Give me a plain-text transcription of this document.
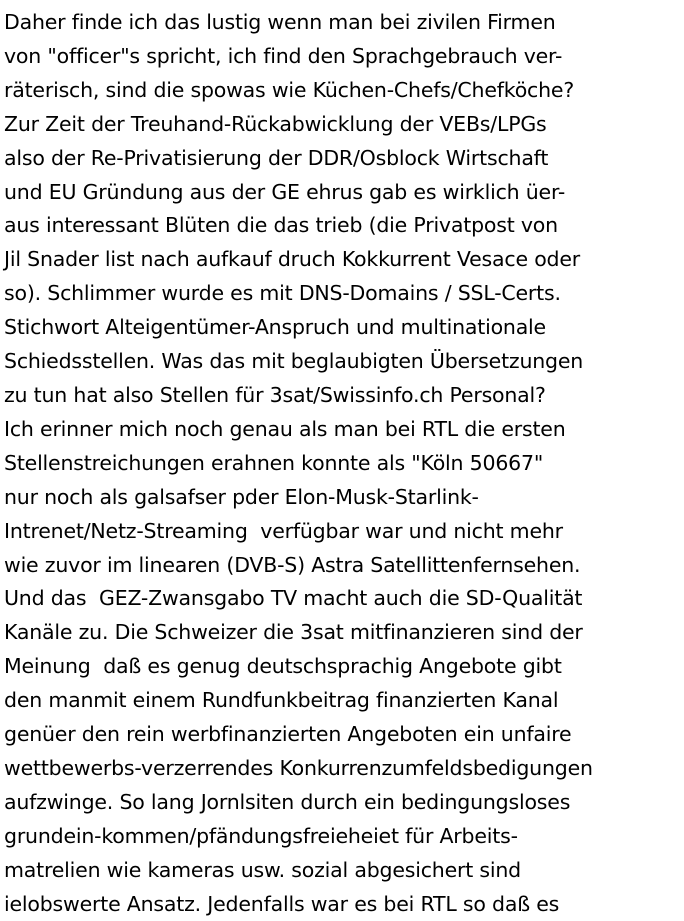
Daher finde ich das lustig wenn man bei zivilen Firmen
von "officer"s spricht, ich find den Sprachgebrauch ver-
räterisch, sind die spowas wie Küchen-Chefs/Chefköche?
Zur Zeit der Treuhand-Rückabwicklung der VEBs/LPGs
also der Re-Privatisierung der DDR/Osblock Wirtschaft
und EU Gründung aus der GE ehrus gab es wirklich üer-
aus interessant Blüten die das trieb (die Privatpost von
Jil Snader list nach aufkauf druch Kokkurrent Vesace oder
so). Schlimmer wurde es mit DNS-Domains / SSL-Certs.
Stichwort Alteigentümer-Anspruch und multinationale
Schiedsstellen. Was das mit beglaubigten Übersetzungen
zu tun hat also Stellen für 3sat/Swissinfo.ch Personal?
Ich erinner mich noch genau als man bei RTL die ersten
Stellenstreichungen erahnen konnte als "Köln 50667"
nur noch als galsafser pder Elon-Musk-Starlink-
Intrenet/Netz-Streaming  verfügbar war und nicht mehr
wie zuvor im linearen (DVB-S) Astra Satellittenfernsehen.
Und das  GEZ-Zwansgabo TV macht auch die SD-Qualität
Kanäle zu. Die Schweizer die 3sat mitfinanzieren sind der
Meinung  daß es genug deutschsprachig Angebote gibt
den manmit einem Rundfunkbeitrag finanzierten Kanal
genüer den rein werbfinanzierten Angeboten ein unfaire
wettbewerbs-verzerrendes Konkurrenzumfeldsbedigungen
aufzwinge. So lang Jornlsiten durch ein bedingungsloses
grundein-kommen/pfändungsfreieheiet für Arbeits-
matrelien wie kameras usw. sozial abgesichert sind
ielobswerte Ansatz. Jedenfalls war es bei RTL so daß es
